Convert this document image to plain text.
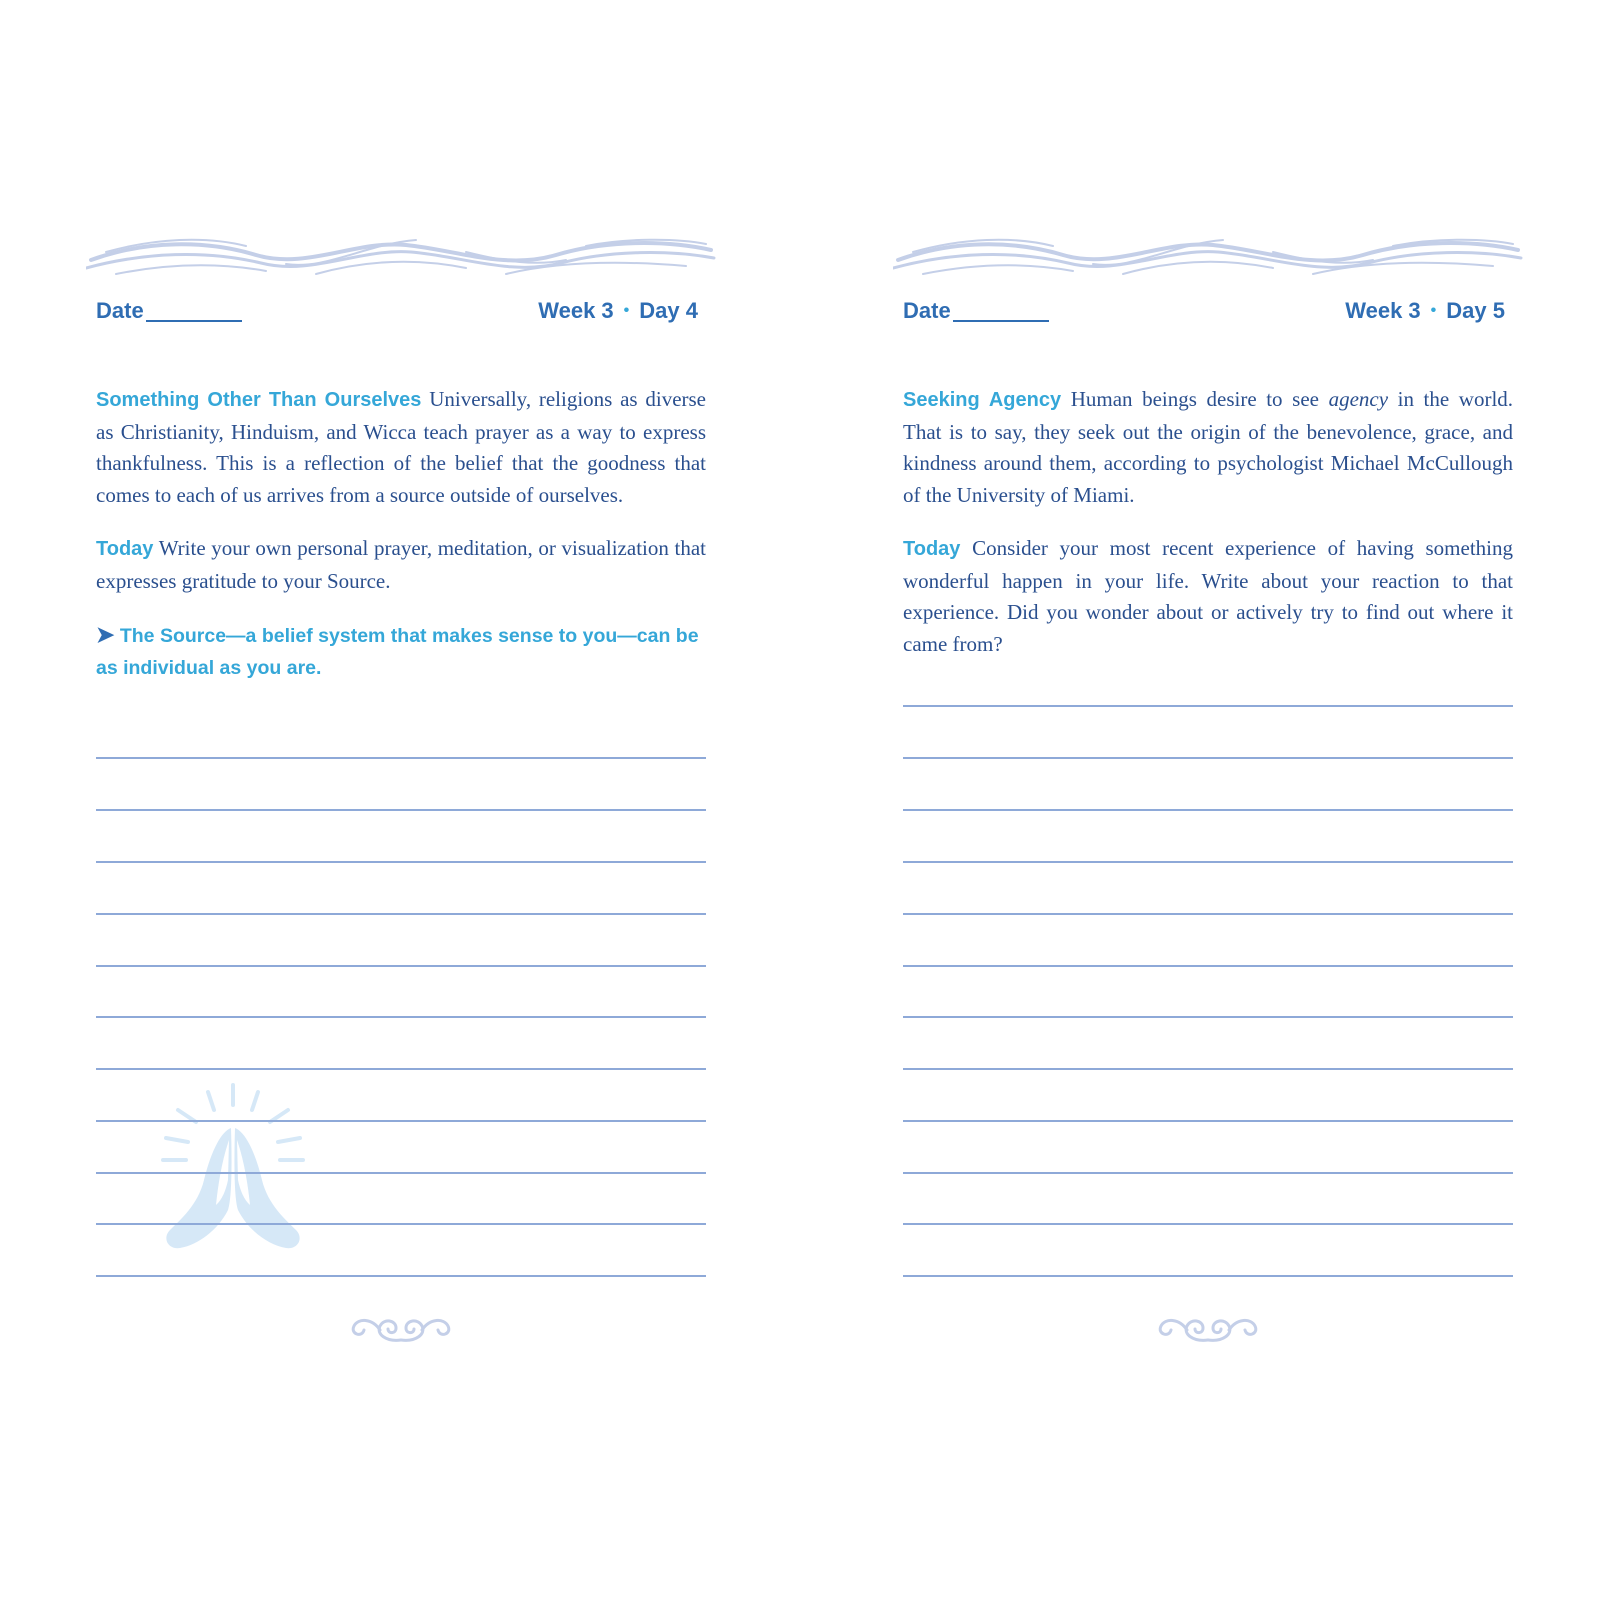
Date	Week 3 • Day 4

Something Other Than Ourselves Universally, religions as diverse as Christianity, Hinduism, and Wicca teach prayer as a way to express thankfulness. This is a reflection of the belief that the goodness that comes to each of us arrives from a source outside of ourselves.

Today Write your own personal prayer, meditation, or visualization that expresses gratitude to your Source.

➤ The Source—a belief system that makes sense to you—can be as individual as you are.

Date	Week 3 • Day 5

Seeking Agency Human beings desire to see agency in the world. That is to say, they seek out the origin of the benevolence, grace, and kindness around them, according to psychologist Michael McCullough of the University of Miami.

Today Consider your most recent experience of having something wonderful happen in your life. Write about your reaction to that experience. Did you wonder about or actively try to find out where it came from?
